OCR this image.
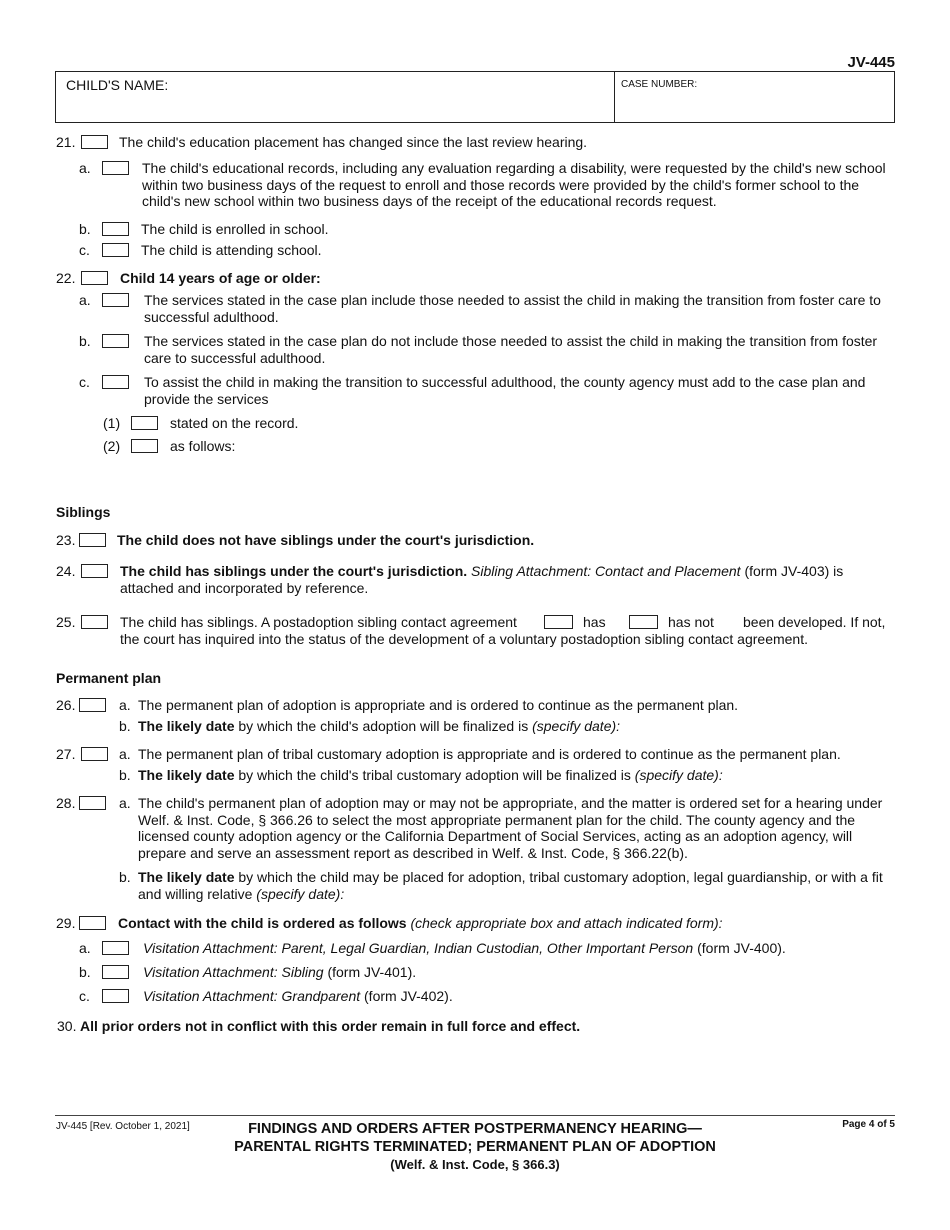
JV-445
CHILD'S NAME:	CASE NUMBER:
21.	The child's education placement has changed since the last review hearing.
a.	The child's educational records, including any evaluation regarding a disability, were requested by the child's new school within two business days of the request to enroll and those records were provided by the child's former school to the child's new school within two business days of the receipt of the educational records request.
b.	The child is enrolled in school.
c.	The child is attending school.
22.	Child 14 years of age or older:
a.	The services stated in the case plan include those needed to assist the child in making the transition from foster care to successful adulthood.
b.	The services stated in the case plan do not include those needed to assist the child in making the transition from foster care to successful adulthood.
c.	To assist the child in making the transition to successful adulthood, the county agency must add to the case plan and provide the services
(1)	stated on the record.
(2)	as follows:
Siblings
23.	The child does not have siblings under the court's jurisdiction.
24.	The child has siblings under the court's jurisdiction. Sibling Attachment: Contact and Placement (form JV-403) is attached and incorporated by reference.
25.	The child has siblings. A postadoption sibling contact agreement	has	has not been developed. If not,
the court has inquired into the status of the development of a voluntary postadoption sibling contact agreement.
Permanent plan
26.	a. The permanent plan of adoption is appropriate and is ordered to continue as the permanent plan.
b. The likely date by which the child's adoption will be finalized is (specify date):
27.	a. The permanent plan of tribal customary adoption is appropriate and is ordered to continue as the permanent plan.
b. The likely date by which the child's tribal customary adoption will be finalized is (specify date):
28.	a. The child's permanent plan of adoption may or may not be appropriate, and the matter is ordered set for a hearing under Welf. & Inst. Code, § 366.26 to select the most appropriate permanent plan for the child. The county agency and the licensed county adoption agency or the California Department of Social Services, acting as an adoption agency, will prepare and serve an assessment report as described in Welf. & Inst. Code, § 366.22(b).
b. The likely date by which the child may be placed for adoption, tribal customary adoption, legal guardianship, or with a fit and willing relative (specify date):
29.	Contact with the child is ordered as follows (check appropriate box and attach indicated form):
a.	Visitation Attachment: Parent, Legal Guardian, Indian Custodian, Other Important Person (form JV-400).
b.	Visitation Attachment: Sibling (form JV-401).
c.	Visitation Attachment: Grandparent (form JV-402).
30. All prior orders not in conflict with this order remain in full force and effect.
JV-445 [Rev. October 1, 2021]	FINDINGS AND ORDERS AFTER POSTPERMANENCY HEARING—
PARENTAL RIGHTS TERMINATED; PERMANENT PLAN OF ADOPTION
(Welf. & Inst. Code, § 366.3)
Page 4 of 5
